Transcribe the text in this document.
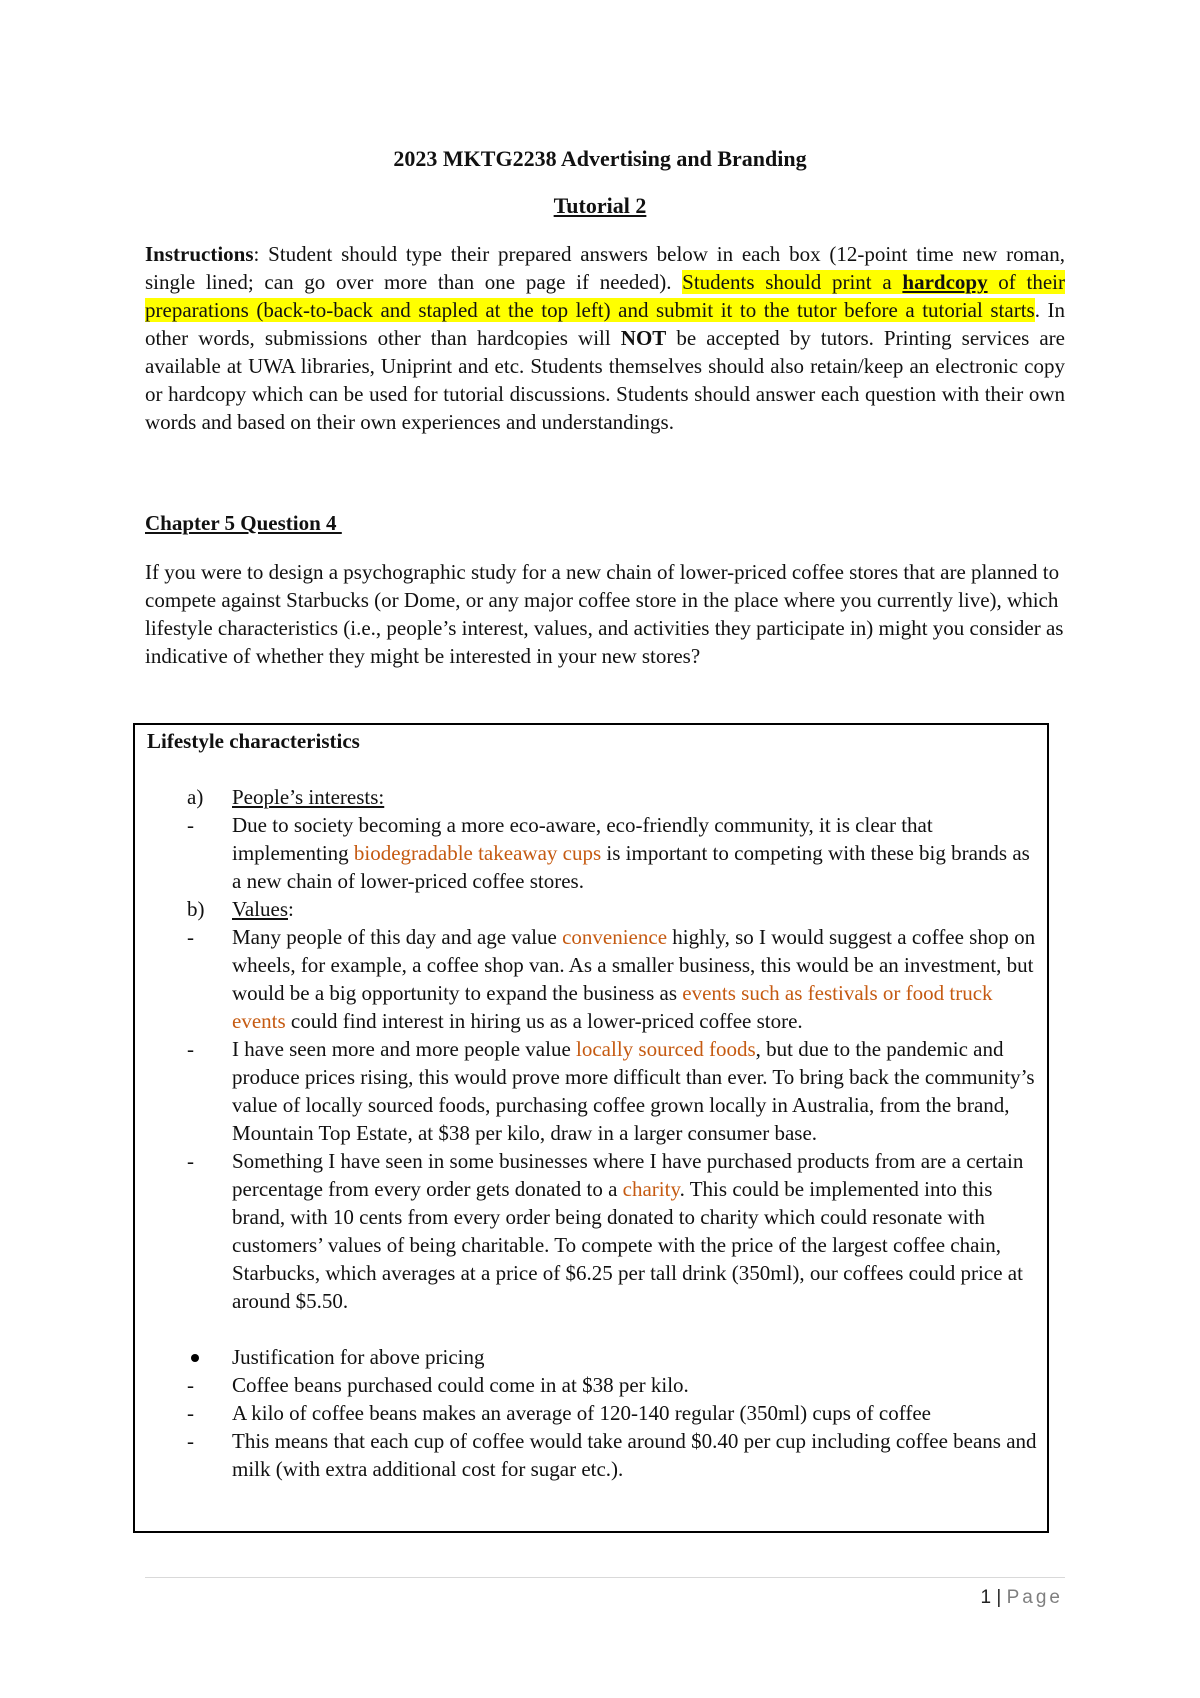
2023 MKTG2238 Advertising and Branding
Tutorial 2

Instructions: Student should type their prepared answers below in each box (12-point time new roman, single lined; can go over more than one page if needed). Students should print a hardcopy of their preparations (back-to-back and stapled at the top left) and submit it to the tutor before a tutorial starts. In other words, submissions other than hardcopies will NOT be accepted by tutors. Printing services are available at UWA libraries, Uniprint and etc. Students themselves should also retain/keep an electronic copy or hardcopy which can be used for tutorial discussions. Students should answer each question with their own words and based on their own experiences and understandings.

Chapter 5 Question 4

If you were to design a psychographic study for a new chain of lower-priced coffee stores that are planned to compete against Starbucks (or Dome, or any major coffee store in the place where you currently live), which lifestyle characteristics (i.e., people’s interest, values, and activities they participate in) might you consider as indicative of whether they might be interested in your new stores?

Lifestyle characteristics
a) People’s interests:
- Due to society becoming a more eco-aware, eco-friendly community, it is clear that implementing biodegradable takeaway cups is important to competing with these big brands as a new chain of lower-priced coffee stores.
b) Values:
- Many people of this day and age value convenience highly, so I would suggest a coffee shop on wheels, for example, a coffee shop van. As a smaller business, this would be an investment, but would be a big opportunity to expand the business as events such as festivals or food truck events could find interest in hiring us as a lower-priced coffee store.
- I have seen more and more people value locally sourced foods, but due to the pandemic and produce prices rising, this would prove more difficult than ever. To bring back the community’s value of locally sourced foods, purchasing coffee grown locally in Australia, from the brand, Mountain Top Estate, at $38 per kilo, draw in a larger consumer base.
- Something I have seen in some businesses where I have purchased products from are a certain percentage from every order gets donated to a charity. This could be implemented into this brand, with 10 cents from every order being donated to charity which could resonate with customers’ values of being charitable. To compete with the price of the largest coffee chain, Starbucks, which averages at a price of $6.25 per tall drink (350ml), our coffees could price at around $5.50.
Justification for above pricing
- Coffee beans purchased could come in at $38 per kilo.
- A kilo of coffee beans makes an average of 120-140 regular (350ml) cups of coffee
- This means that each cup of coffee would take around $0.40 per cup including coffee beans and milk (with extra additional cost for sugar etc.).
1 | Page
